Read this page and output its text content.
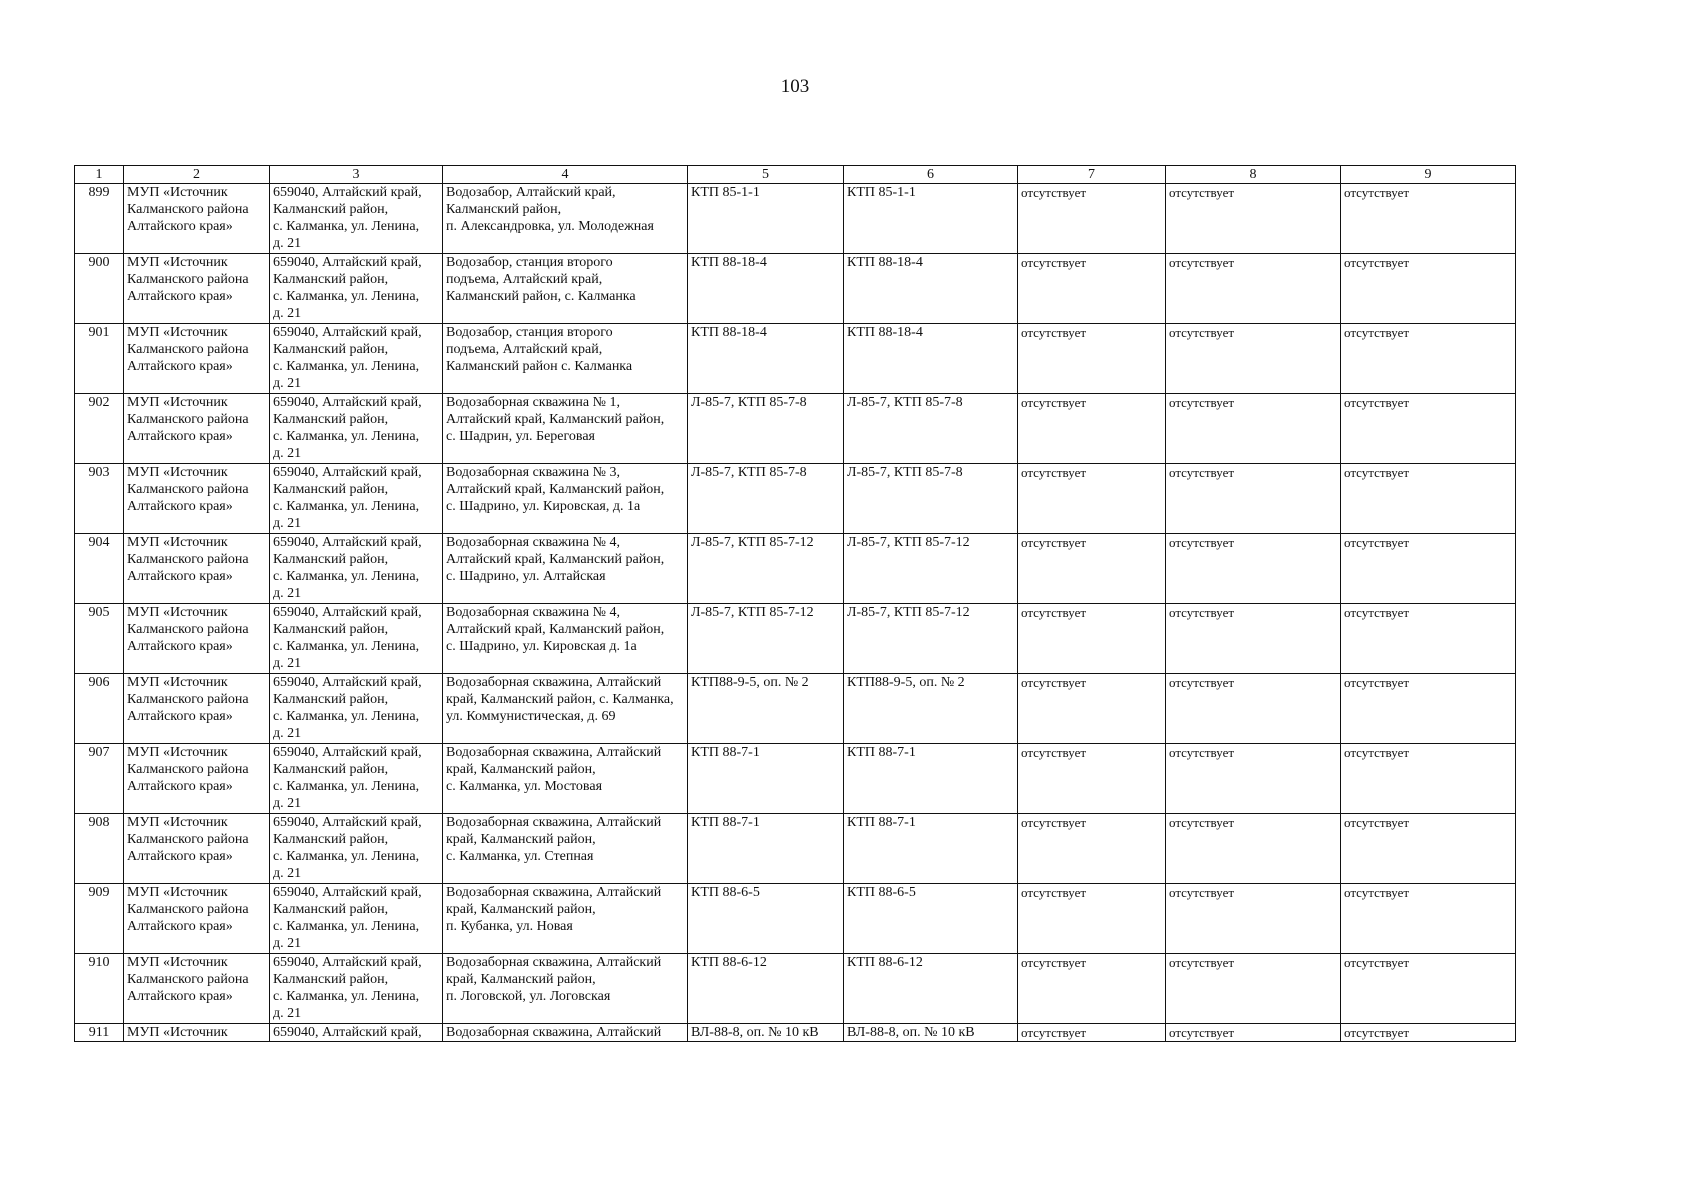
103
1	2	3	4	5	6	7	8	9
899	МУП «Источник
Калманского района
Алтайского края»	659040, Алтайский край,
Калманский район,
с. Калманка, ул. Ленина,
д. 21	Водозабор, Алтайский край,
Калманский район,
п. Александровка, ул. Молодежная	КТП 85-1-1	КТП 85-1-1	отсутствует	отсутствует	отсутствует
900	МУП «Источник
Калманского района
Алтайского края»	659040, Алтайский край,
Калманский район,
с. Калманка, ул. Ленина,
д. 21	Водозабор, станция второго
подъема, Алтайский край,
Калманский район, с. Калманка	КТП 88-18-4	КТП 88-18-4	отсутствует	отсутствует	отсутствует
901	МУП «Источник
Калманского района
Алтайского края»	659040, Алтайский край,
Калманский район,
с. Калманка, ул. Ленина,
д. 21	Водозабор, станция второго
подъема, Алтайский край,
Калманский район с. Калманка	КТП 88-18-4	КТП 88-18-4	отсутствует	отсутствует	отсутствует
902	МУП «Источник
Калманского района
Алтайского края»	659040, Алтайский край,
Калманский район,
с. Калманка, ул. Ленина,
д. 21	Водозаборная скважина № 1,
Алтайский край, Калманский район,
с. Шадрин, ул. Береговая	Л-85-7, КТП 85-7-8	Л-85-7, КТП 85-7-8	отсутствует	отсутствует	отсутствует
903	МУП «Источник
Калманского района
Алтайского края»	659040, Алтайский край,
Калманский район,
с. Калманка, ул. Ленина,
д. 21	Водозаборная скважина № 3,
Алтайский край, Калманский район,
с. Шадрино, ул. Кировская, д. 1а	Л-85-7, КТП 85-7-8	Л-85-7, КТП 85-7-8	отсутствует	отсутствует	отсутствует
904	МУП «Источник
Калманского района
Алтайского края»	659040, Алтайский край,
Калманский район,
с. Калманка, ул. Ленина,
д. 21	Водозаборная скважина № 4,
Алтайский край, Калманский район,
с. Шадрино, ул. Алтайская	Л-85-7, КТП 85-7-12	Л-85-7, КТП 85-7-12	отсутствует	отсутствует	отсутствует
905	МУП «Источник
Калманского района
Алтайского края»	659040, Алтайский край,
Калманский район,
с. Калманка, ул. Ленина,
д. 21	Водозаборная скважина № 4,
Алтайский край, Калманский район,
с. Шадрино, ул. Кировская д. 1а	Л-85-7, КТП 85-7-12	Л-85-7, КТП 85-7-12	отсутствует	отсутствует	отсутствует
906	МУП «Источник
Калманского района
Алтайского края»	659040, Алтайский край,
Калманский район,
с. Калманка, ул. Ленина,
д. 21	Водозаборная скважина, Алтайский
край, Калманский район, с. Калманка,
ул. Коммунистическая, д. 69	КТП88-9-5, оп. № 2	КТП88-9-5, оп. № 2	отсутствует	отсутствует	отсутствует
907	МУП «Источник
Калманского района
Алтайского края»	659040, Алтайский край,
Калманский район,
с. Калманка, ул. Ленина,
д. 21	Водозаборная скважина, Алтайский
край, Калманский район,
с. Калманка, ул. Мостовая	КТП 88-7-1	КТП 88-7-1	отсутствует	отсутствует	отсутствует
908	МУП «Источник
Калманского района
Алтайского края»	659040, Алтайский край,
Калманский район,
с. Калманка, ул. Ленина,
д. 21	Водозаборная скважина, Алтайский
край, Калманский район,
с. Калманка, ул. Степная	КТП 88-7-1	КТП 88-7-1	отсутствует	отсутствует	отсутствует
909	МУП «Источник
Калманского района
Алтайского края»	659040, Алтайский край,
Калманский район,
с. Калманка, ул. Ленина,
д. 21	Водозаборная скважина, Алтайский
край, Калманский район,
п. Кубанка, ул. Новая	КТП 88-6-5	КТП 88-6-5	отсутствует	отсутствует	отсутствует
910	МУП «Источник
Калманского района
Алтайского края»	659040, Алтайский край,
Калманский район,
с. Калманка, ул. Ленина,
д. 21	Водозаборная скважина, Алтайский
край, Калманский район,
п. Логовской, ул. Логовская	КТП 88-6-12	КТП 88-6-12	отсутствует	отсутствует	отсутствует
911	МУП «Источник	659040, Алтайский край,	Водозаборная скважина, Алтайский	ВЛ-88-8, оп. № 10 кВ	ВЛ-88-8, оп. № 10 кВ	отсутствует	отсутствует	отсутствует
